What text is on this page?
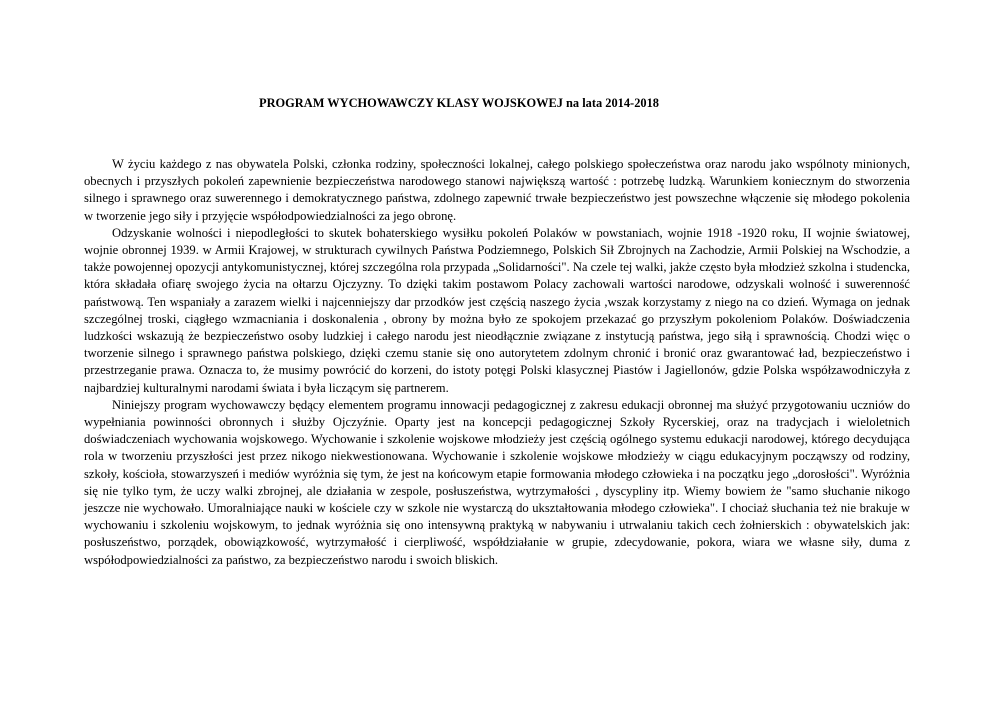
PROGRAM WYCHOWAWCZY KLASY WOJSKOWEJ na lata 2014-2018

W życiu każdego z nas obywatela Polski, członka rodziny, społeczności lokalnej, całego polskiego społeczeństwa oraz narodu jako wspólnoty minionych, obecnych i przyszłych pokoleń zapewnienie bezpieczeństwa narodowego stanowi największą wartość : potrzebę ludzką. Warunkiem koniecznym do stworzenia silnego i sprawnego oraz suwerennego i demokratycznego państwa, zdolnego zapewnić trwałe bezpieczeństwo jest powszechne włączenie się młodego pokolenia w tworzenie jego siły i przyjęcie współodpowiedzialności za jego obronę.

Odzyskanie wolności i niepodległości to skutek bohaterskiego wysiłku pokoleń Polaków w powstaniach, wojnie 1918 -1920 roku, II wojnie światowej, wojnie obronnej 1939. w Armii Krajowej, w strukturach cywilnych Państwa Podziemnego, Polskich Sił Zbrojnych na Zachodzie, Armii Polskiej na Wschodzie, a także powojennej opozycji antykomunistycznej, której szczególna rola przypada „Solidarności". Na czele tej walki, jakże często była młodzież szkolna i studencka, która składała ofiarę swojego życia na ołtarzu Ojczyzny. To dzięki takim postawom Polacy zachowali wartości narodowe, odzyskali wolność i suwerenność państwową. Ten wspaniały a zarazem wielki i najcenniejszy dar przodków jest częścią naszego życia ,wszak korzystamy z niego na co dzień. Wymaga on jednak szczególnej troski, ciągłego wzmacniania i doskonalenia , obrony by można było ze spokojem przekazać go przyszłym pokoleniom Polaków. Doświadczenia ludzkości wskazują że bezpieczeństwo osoby ludzkiej i całego narodu jest nieodłącznie związane z instytucją państwa, jego siłą i sprawnością. Chodzi więc o tworzenie silnego i sprawnego państwa polskiego, dzięki czemu stanie się ono autorytetem zdolnym chronić i bronić oraz gwarantować ład, bezpieczeństwo i przestrzeganie prawa. Oznacza to, że musimy powrócić do korzeni, do istoty potęgi Polski klasycznej Piastów i Jagiellonów, gdzie Polska współzawodniczyła z najbardziej kulturalnymi narodami świata i była liczącym się partnerem.

Niniejszy program wychowawczy będący elementem programu innowacji pedagogicznej z zakresu edukacji obronnej ma służyć przygotowaniu uczniów do wypełniania powinności obronnych i służby Ojczyźnie. Oparty jest na koncepcji pedagogicznej Szkoły Rycerskiej, oraz na tradycjach i wieloletnich doświadczeniach wychowania wojskowego. Wychowanie i szkolenie wojskowe młodzieży jest częścią ogólnego systemu edukacji narodowej, którego decydująca rola w tworzeniu przyszłości jest przez nikogo niekwestionowana. Wychowanie i szkolenie wojskowe młodzieży w ciągu edukacyjnym począwszy od rodziny, szkoły, kościoła, stowarzyszeń i mediów wyróżnia się tym, że jest na końcowym etapie formowania młodego człowieka i na początku jego „dorosłości". Wyróżnia się nie tylko tym, że uczy walki zbrojnej, ale działania w zespole, posłuszeństwa, wytrzymałości , dyscypliny itp. Wiemy bowiem że "samo słuchanie nikogo jeszcze nie wychowało. Umoralniające nauki w kościele czy w szkole nie wystarczą do ukształtowania młodego człowieka". I chociaż słuchania też nie brakuje w wychowaniu i szkoleniu wojskowym, to jednak wyróżnia się ono intensywną praktyką w nabywaniu i utrwalaniu takich cech żołnierskich : obywatelskich jak: posłuszeństwo, porządek, obowiązkowość, wytrzymałość i cierpliwość, współdziałanie w grupie, zdecydowanie, pokora, wiara we własne siły, duma z współodpowiedzialności za państwo, za bezpieczeństwo narodu i swoich bliskich.
